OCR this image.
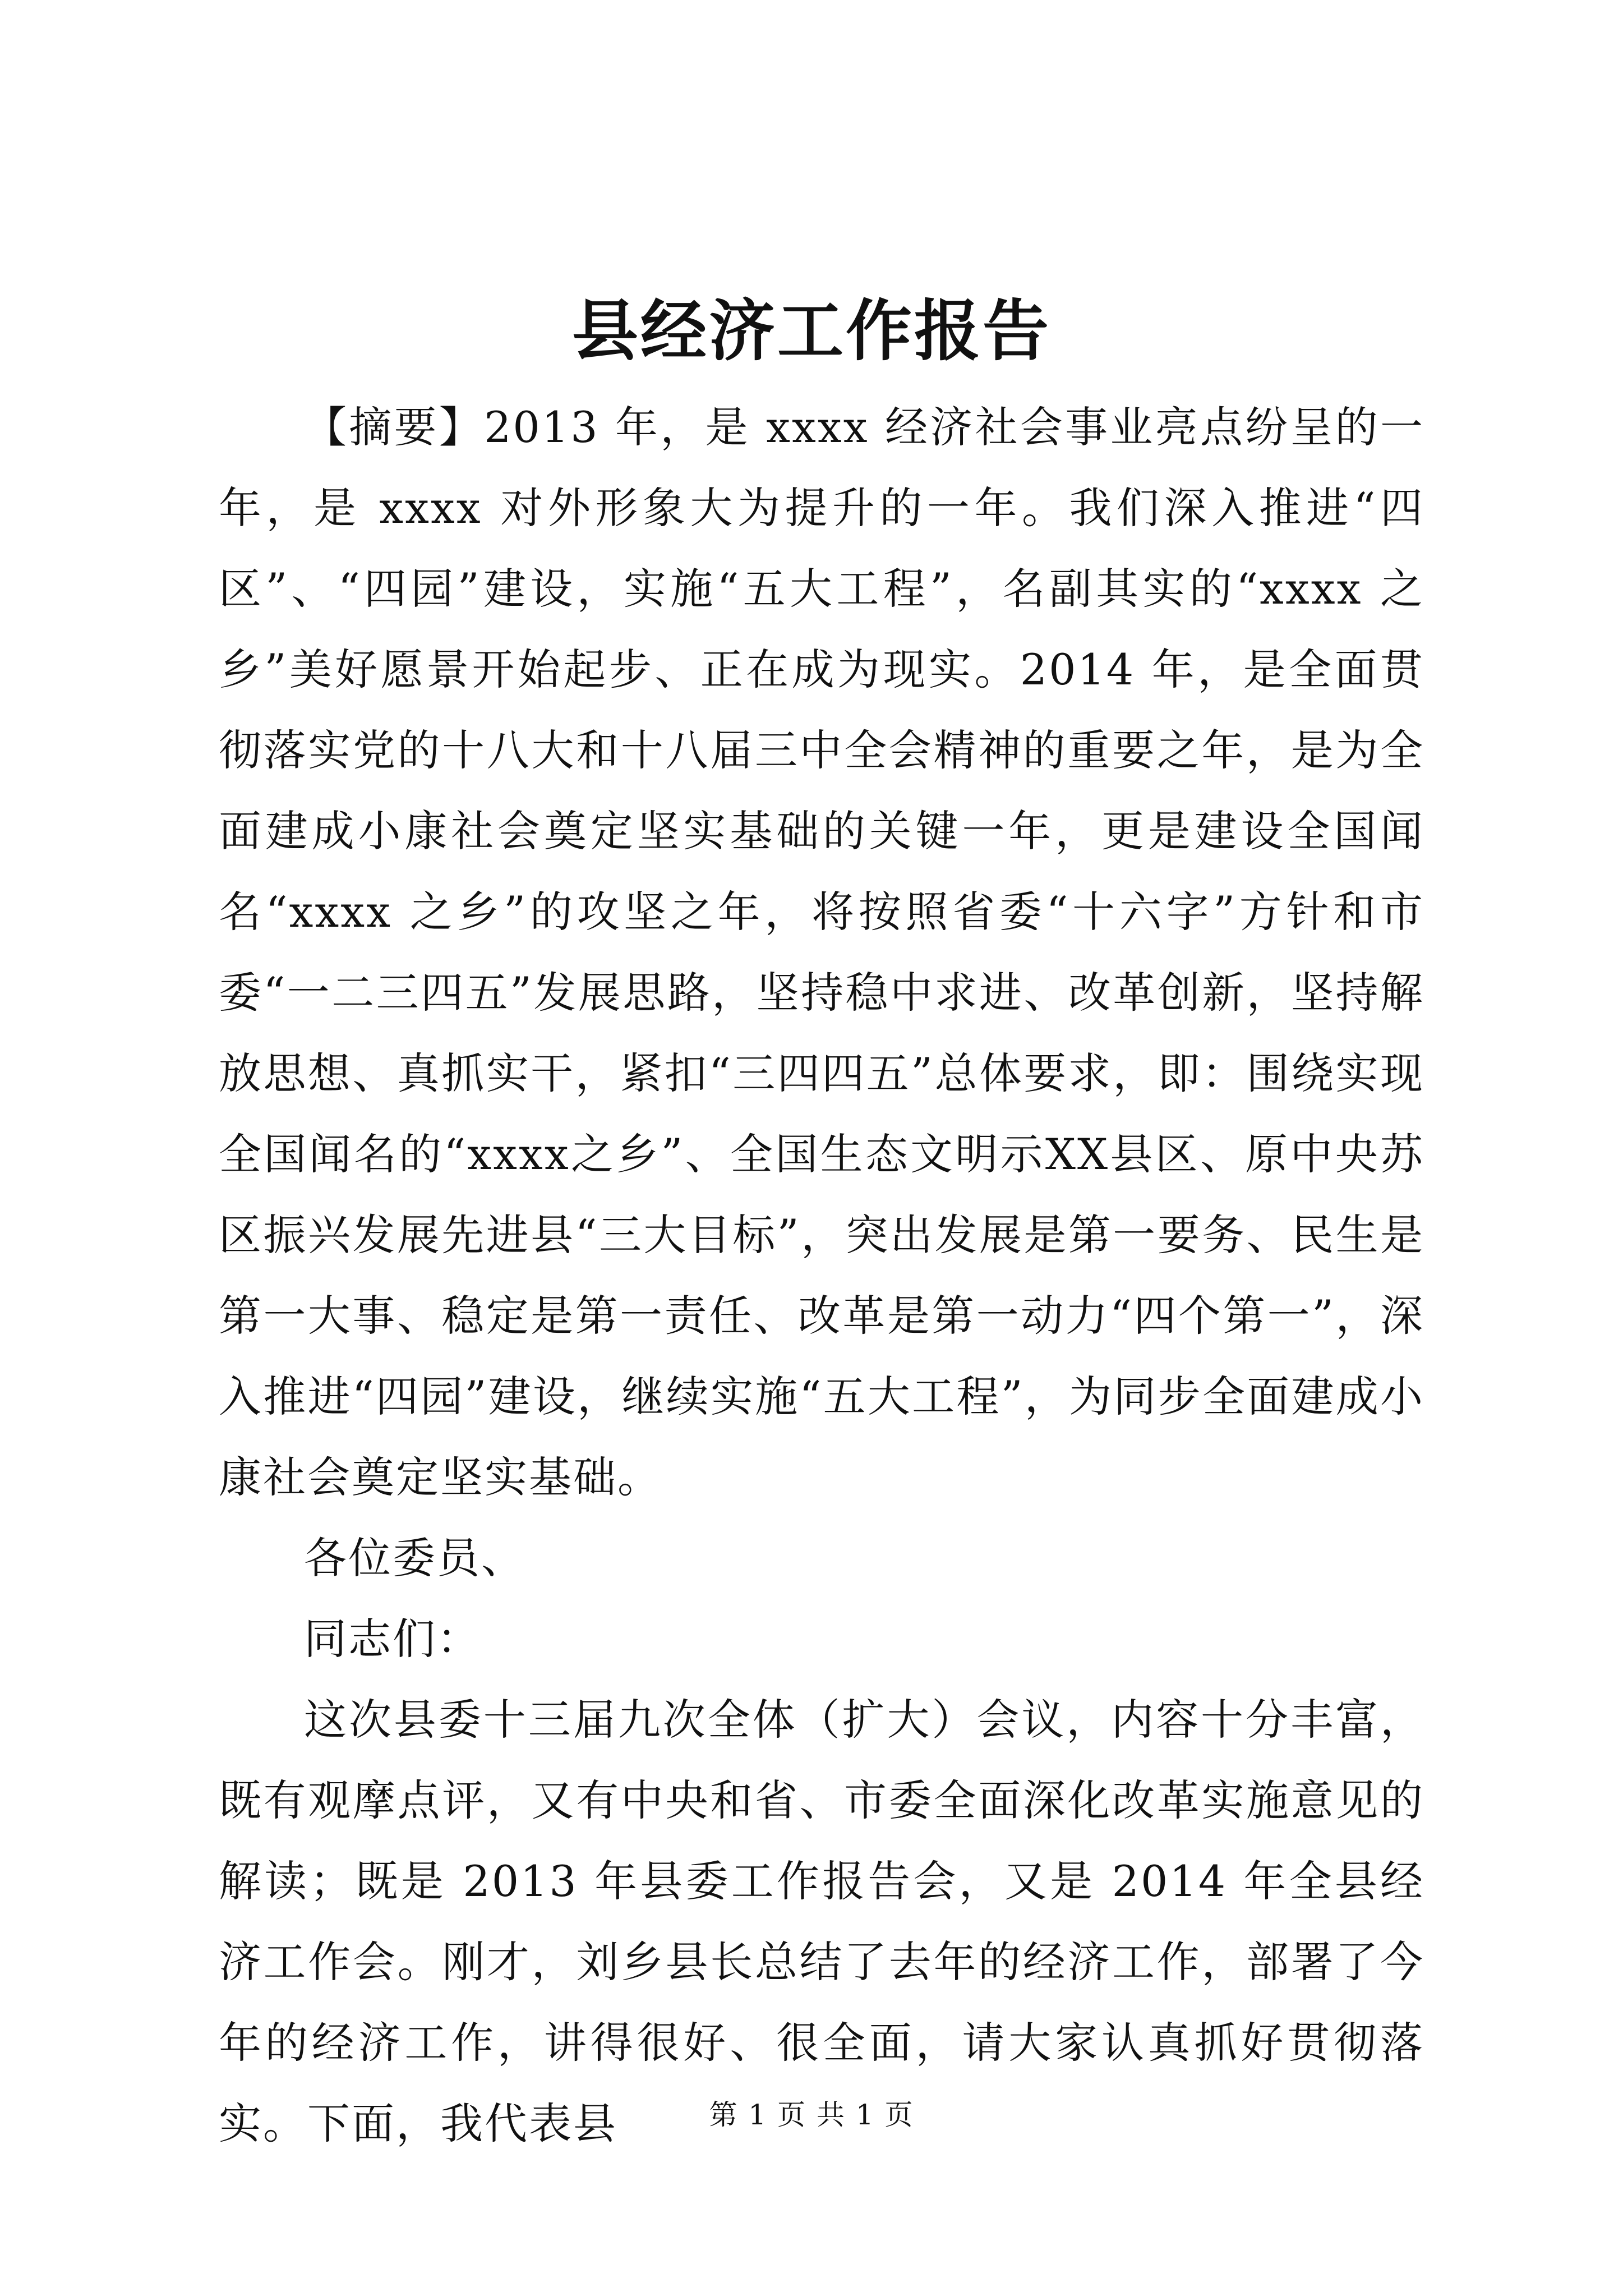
县经济工作报告

【摘要】2013 年，是 xxxx 经济社会事业亮点纷呈的一年，是 xxxx 对外形象大为提升的一年。我们深入推进“四区”、“四园”建设，实施“五大工程”，名副其实的“xxxx 之乡”美好愿景开始起步、正在成为现实。2014 年，是全面贯彻落实党的十八大和十八届三中全会精神的重要之年，是为全面建成小康社会奠定坚实基础的关键一年，更是建设全国闻名“xxxx 之乡”的攻坚之年，将按照省委“十六字”方针和市委“一二三四五”发展思路，坚持稳中求进、改革创新，坚持解放思想、真抓实干，紧扣“三四四五”总体要求，即：围绕实现全国闻名的“xxxx之乡”、全国生态文明示XX县区、原中央苏区振兴发展先进县“三大目标”，突出发展是第一要务、民生是第一大事、稳定是第一责任、改革是第一动力“四个第一”，深入推进“四园”建设，继续实施“五大工程”，为同步全面建成小康社会奠定坚实基础。

各位委员、

同志们：

这次县委十三届九次全体（扩大）会议，内容十分丰富，既有观摩点评，又有中央和省、市委全面深化改革实施意见的解读；既是 2013 年县委工作报告会，又是 2014 年全县经济工作会。刚才，刘乡县长总结了去年的经济工作，部署了今年的经济工作，讲得很好、很全面，请大家认真抓好贯彻落实。下面，我代表县	第 1 页 共 1 页
